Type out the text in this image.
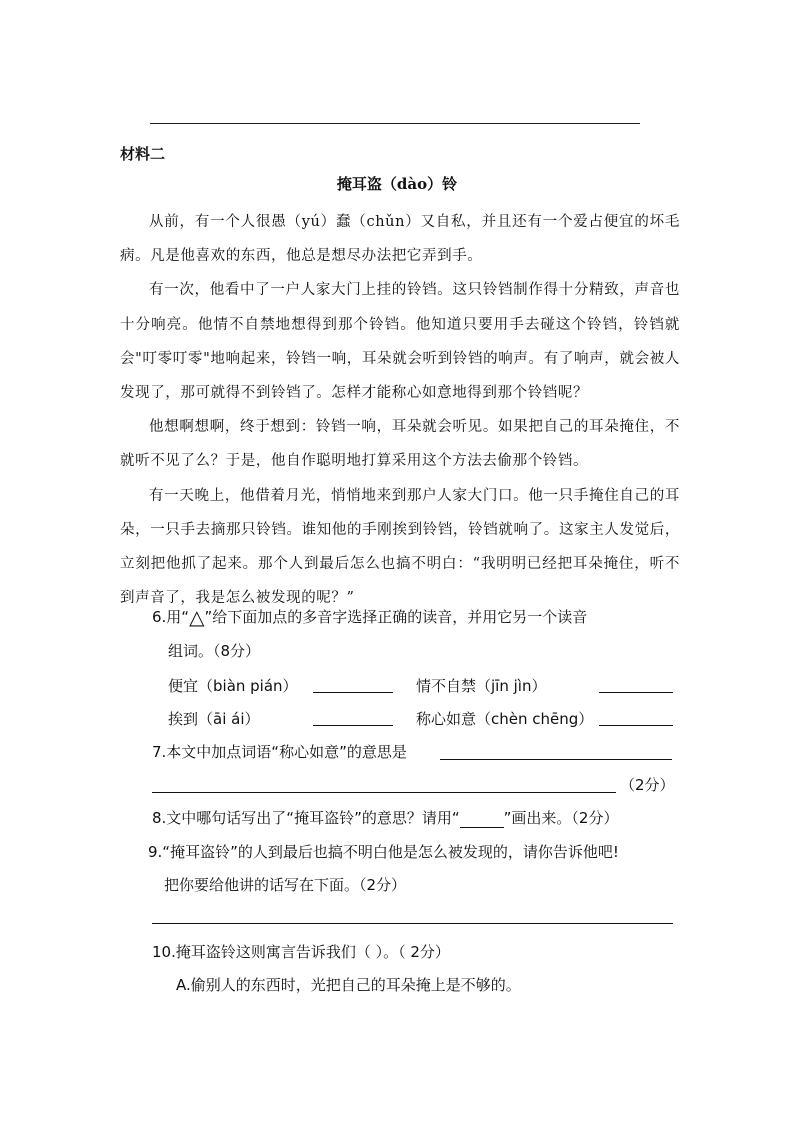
材料二
掩耳盗（dào）铃

从前，有一个人很愚（yú）蠢（chǔn）又自私，并且还有一个爱占便宜的坏毛病。凡是他喜欢的东西，他总是想尽办法把它弄到手。

有一次，他看中了一户人家大门上挂的铃铛。这只铃铛制作得十分精致，声音也十分响亮。他情不自禁地想得到那个铃铛。他知道只要用手去碰这个铃铛，铃铛就会"叮零叮零"地响起来，铃铛一响，耳朵就会听到铃铛的响声。有了响声，就会被人发现了，那可就得不到铃铛了。怎样才能称心如意地得到那个铃铛呢？

他想啊想啊，终于想到：铃铛一响，耳朵就会听见。如果把自己的耳朵掩住，不就听不见了么？于是，他自作聪明地打算采用这个方法去偷那个铃铛。

有一天晚上，他借着月光，悄悄地来到那户人家大门口。他一只手掩住自己的耳朵，一只手去摘那只铃铛。谁知他的手刚挨到铃铛，铃铛就响了。这家主人发觉后，立刻把他抓了起来。那个人到最后怎么也搞不明白：“我明明已经把耳朵掩住，听不到声音了，我是怎么被发现的呢？”

6.用“△”给下面加点的多音字选择正确的读音，并用它另一个读音
组词。（8分）
便宜（biàn pián）	情不自禁（jīn jìn）
挨到（āi ái）	称心如意（chèn chēng）
7.本文中加点词语“称心如意”的意思是
（2分）
8.文中哪句话写出了“掩耳盗铃”的意思？请用“	”画出来。（2分）
9.“掩耳盗铃”的人到最后也搞不明白他是怎么被发现的，请你告诉他吧!
把你要给他讲的话写在下面。（2分）
10.掩耳盗铃这则寓言告诉我们（ ）。（ 2分）
A.偷别人的东西时，光把自己的耳朵掩上是不够的。
